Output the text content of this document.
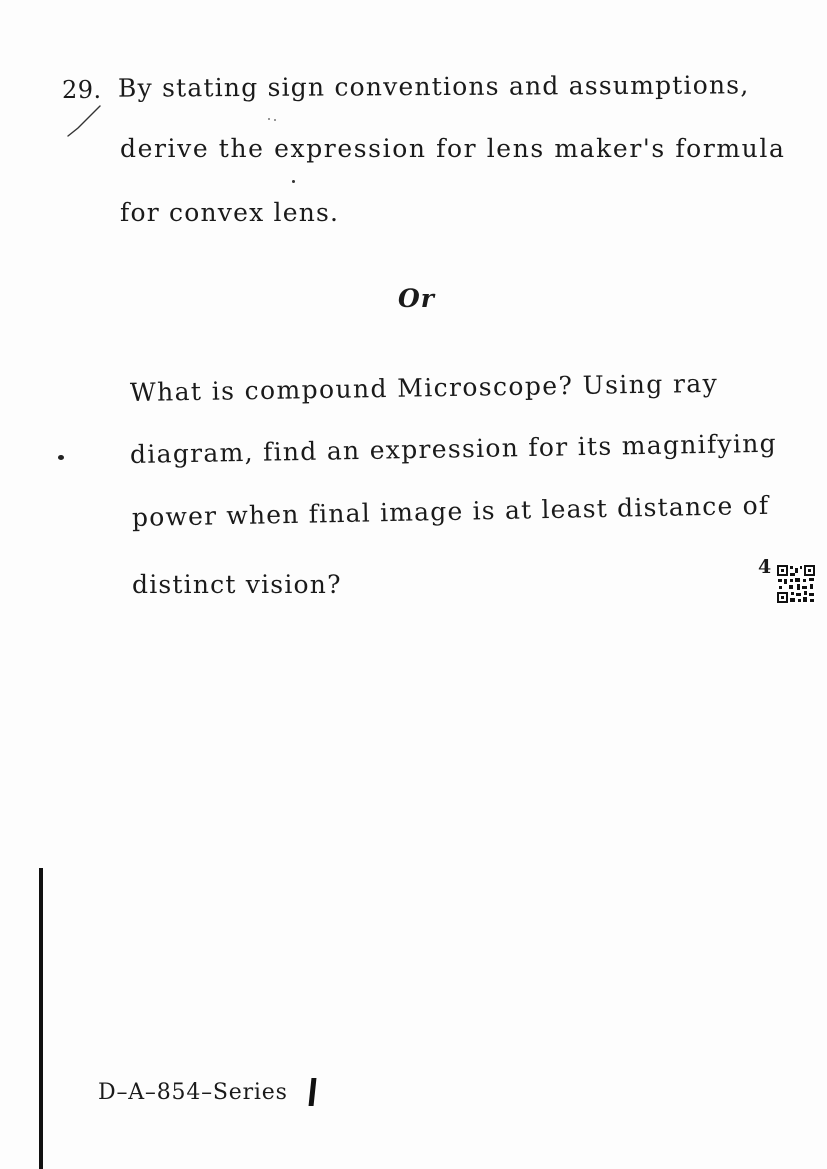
29. By stating sign conventions and assumptions,
derive the expression for lens maker's formula
for convex lens.
Or
What is compound Microscope? Using ray
diagram, find an expression for its magnifying
power when final image is at least distance of
distinct vision?
4
D–A–854–Series
